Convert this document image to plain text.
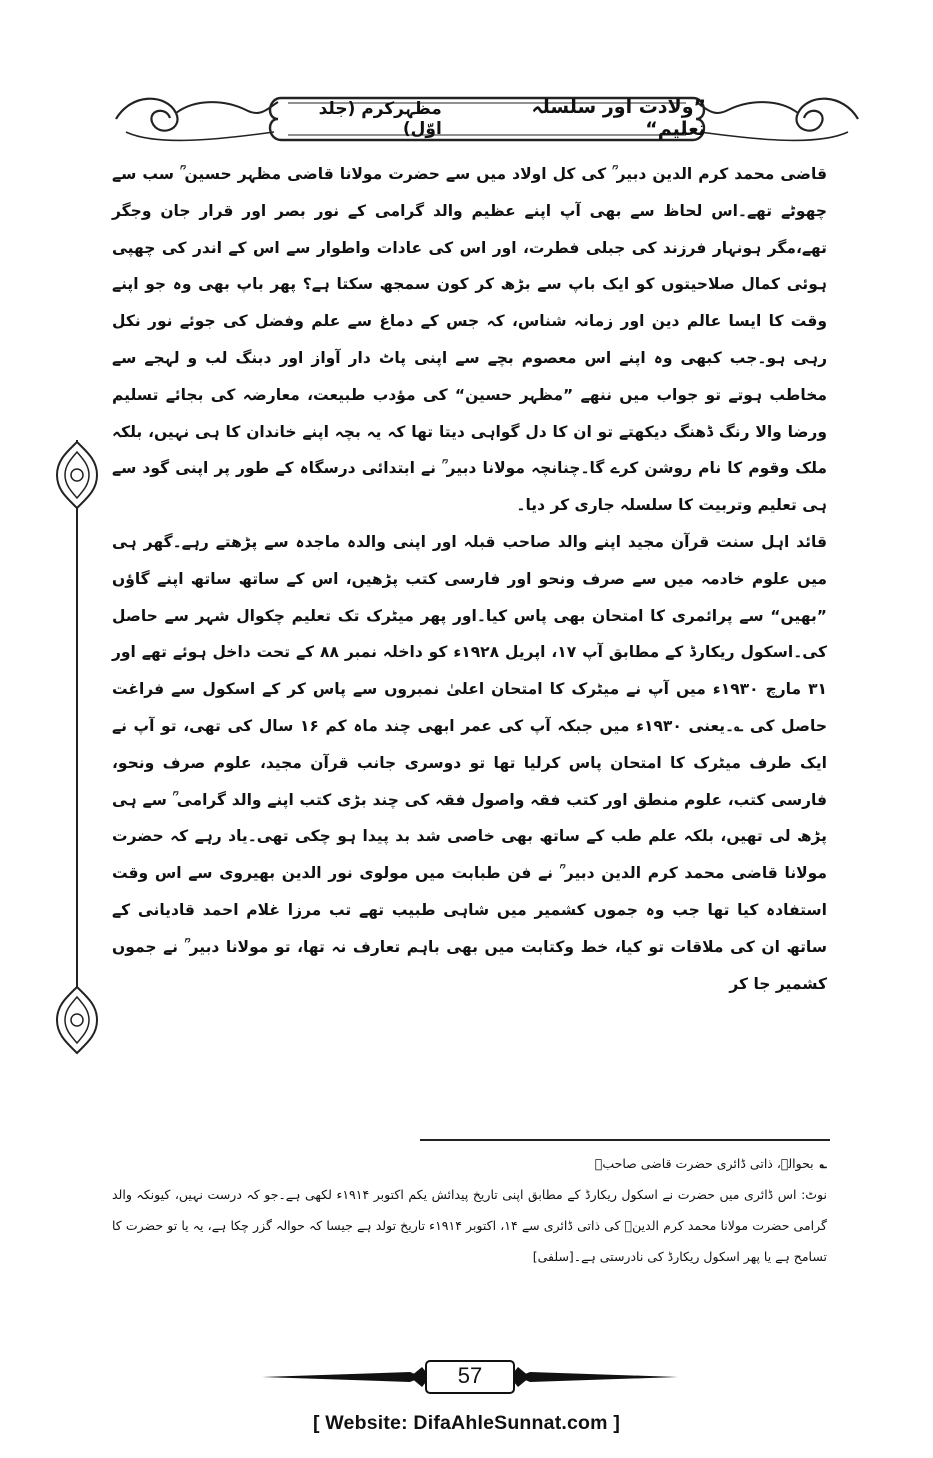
”ولادت اور سلسلہ تعلیم“
مظہرکرم (جلد اوّل)

قاضی محمد کرم الدین دبیر ؒ کی کل اولاد میں سے حضرت مولانا قاضی مظہر حسین ؒ سب سے چھوٹے تھے۔اس لحاظ سے بھی آپ اپنے عظیم والد گرامی کے نور بصر اور قرار جان وجگر تھے،مگر ہونہار فرزند کی جبلی فطرت، اور اس کی عادات واطوار سے اس کے اندر کی چھپی ہوئی کمال صلاحیتوں کو ایک باپ سے بڑھ کر کون سمجھ سکتا ہے؟ پھر باپ بھی وہ جو اپنے وقت کا ایسا عالم دین اور زمانہ شناس، کہ جس کے دماغ سے علم وفضل کی جوئے نور نکل رہی ہو۔جب کبھی وہ اپنے اس معصوم بچے سے اپنی پاٹ دار آواز اور دبنگ لب و لہجے سے مخاطب ہوتے تو جواب میں ننھے ”مظہر حسین“ کی مؤدب طبیعت، معارضہ کی بجائے تسلیم ورضا والا رنگ ڈھنگ دیکھتے تو ان کا دل گواہی دیتا تھا کہ یہ بچہ اپنے خاندان کا ہی نہیں، بلکہ ملک وقوم کا نام روشن کرے گا۔چنانچہ مولانا دبیر ؒ نے ابتدائی درسگاہ کے طور پر اپنی گود سے ہی تعلیم وتربیت کا سلسلہ جاری کر دیا۔

قائد اہل سنت قرآن مجید اپنے والد صاحب قبلہ اور اپنی والدہ ماجدہ سے پڑھتے رہے۔گھر ہی میں علوم خادمہ میں سے صرف ونحو اور فارسی کتب پڑھیں، اس کے ساتھ ساتھ اپنے گاؤں ”بھیں“ سے پرائمری کا امتحان بھی پاس کیا۔اور پھر میٹرک تک تعلیم چکوال شہر سے حاصل کی۔اسکول ریکارڈ کے مطابق آپ ۱۷، اپریل ۱۹۲۸ء کو داخلہ نمبر ۸۸ کے تحت داخل ہوئے تھے اور ۳۱ مارچ ۱۹۳۰ء میں آپ نے میٹرک کا امتحان اعلیٰ نمبروں سے پاس کر کے اسکول سے فراغت حاصل کی ؎۔یعنی ۱۹۳۰ء میں جبکہ آپ کی عمر ابھی چند ماہ کم ۱۶ سال کی تھی، تو آپ نے ایک طرف میٹرک کا امتحان پاس کرلیا تھا تو دوسری جانب قرآن مجید، علوم صرف ونحو، فارسی کتب، علوم منطق اور کتب فقہ واصول فقہ کی چند بڑی کتب اپنے والد گرامی ؒ سے ہی پڑھ لی تھیں، بلکہ علم طب کے ساتھ بھی خاصی شد بد پیدا ہو چکی تھی۔یاد رہے کہ حضرت مولانا قاضی محمد کرم الدین دبیر ؒ نے فن طبابت میں مولوی نور الدین بھیروی سے اس وقت استفادہ کیا تھا جب وہ جموں کشمیر میں شاہی طبیب تھے تب مرزا غلام احمد قادیانی کے ساتھ ان کی ملاقات تو کیا، خط وکتابت میں بھی باہم تعارف نہ تھا، تو مولانا دبیر ؒ نے جموں کشمیر جا کر

؎بحوالہ، ذاتی ڈائری حضرت قاضی صاحبؒ

نوٹ: اس ڈائری میں حضرت نے اسکول ریکارڈ کے مطابق اپنی تاریخ پیدائش یکم اکتوبر ۱۹۱۴ء لکھی ہے۔جو کہ درست نہیں، کیونکہ والد گرامی حضرت مولانا محمد کرم الدینؒ کی ذاتی ڈائری سے ۱۴، اکتوبر ۱۹۱۴ء تاریخ تولد ہے جیسا کہ حوالہ گزر چکا ہے، یہ یا تو حضرت کا تسامح ہے یا پھر اسکول ریکارڈ کی نادرستی ہے۔[سلفی]

57
[ Website: DifaAhleSunnat.com ]
